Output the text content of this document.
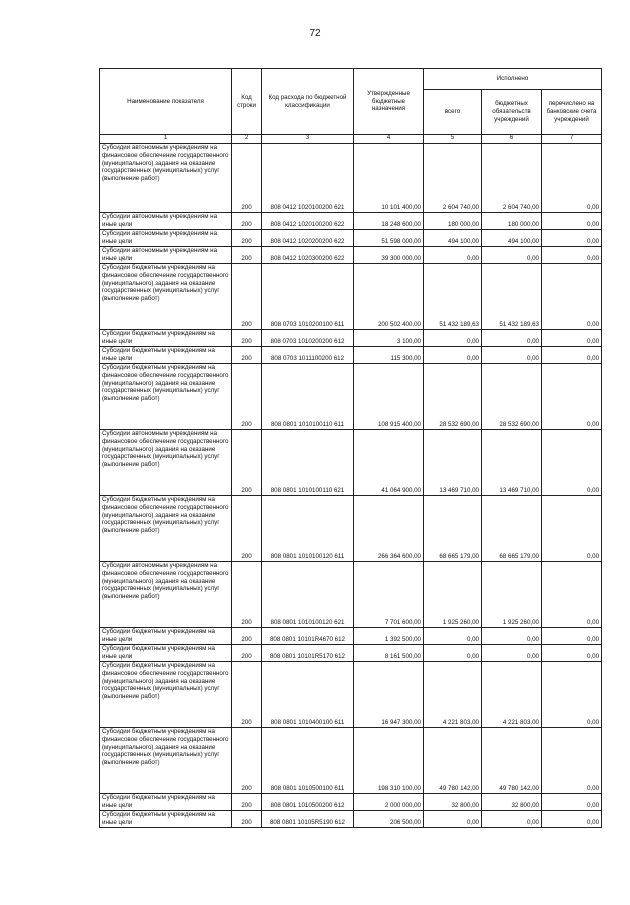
72
Наименование показателя	Код строки	Код расхода по бюджетной классификации	Утвержденные бюджетные назначения	Исполнено		
				всего	бюджетных обязательств учреждений	перечислено на банковские счета учреждений
1	2	3	4	5	6	7
Субсидии автономным учреждениям на финансовое обеспечение государственного (муниципального) задания на оказание государственных (муниципальных) услуг (выполнение работ)	200	808 0412 1020100200 621	10 101 400,00	2 604 740,00	2 604 740,00	0,00
Субсидии автономным учреждениям на иные цели	200	808 0412 1020100200 622	18 248 600,00	180 000,00	180 000,00	0,00
Субсидии автономным учреждениям на иные цели	200	808 0412 1020200200 622	51 598 000,00	494 100,00	494 100,00	0,00
Субсидии автономным учреждениям на иные цели	200	808 0412 1020300200 622	39 300 000,00	0,00	0,00	0,00
Субсидии бюджетным учреждениям на финансовое обеспечение государственного (муниципального) задания на оказание государственных (муниципальных) услуг (выполнение работ)	200	808 0703 1010200100 611	200 502 400,00	51 432 189,63	51 432 189,63	0,00
Субсидии бюджетным учреждениям на иные цели	200	808 0703 1010200200 612	3 100,00	0,00	0,00	0,00
Субсидии бюджетным учреждениям на иные цели	200	808 0703 1011100200 612	115 300,00	0,00	0,00	0,00
Субсидии бюджетным учреждениям на финансовое обеспечение государственного (муниципального) задания на оказание государственных (муниципальных) услуг (выполнение работ)	200	808 0801 1010100110 611	108 915 400,00	28 532 690,00	28 532 690,00	0,00
Субсидии автономным учреждениям на финансовое обеспечение государственного (муниципального) задания на оказание государственных (муниципальных) услуг (выполнение работ)	200	808 0801 1010100110 621	41 064 900,00	13 469 710,00	13 469 710,00	0,00
Субсидии бюджетным учреждениям на финансовое обеспечение государственного (муниципального) задания на оказание государственных (муниципальных) услуг (выполнение работ)	200	808 0801 1010100120 611	266 364 600,00	68 665 179,00	68 665 179,00	0,00
Субсидии автономным учреждениям на финансовое обеспечение государственного (муниципального) задания на оказание государственных (муниципальных) услуг (выполнение работ)	200	808 0801 1010100120 621	7 701 600,00	1 925 260,00	1 925 260,00	0,00
Субсидии бюджетным учреждениям на иные цели	200	808 0801 10101R4670 612	1 392 500,00	0,00	0,00	0,00
Субсидии бюджетным учреждениям на иные цели	200	808 0801 10101R5170 612	8 161 500,00	0,00	0,00	0,00
Субсидии бюджетным учреждениям на финансовое обеспечение государственного (муниципального) задания на оказание государственных (муниципальных) услуг (выполнение работ)	200	808 0801 1010400100 611	16 947 300,00	4 221 803,00	4 221 803,00	0,00
Субсидии бюджетным учреждениям на финансовое обеспечение государственного (муниципального) задания на оказание государственных (муниципальных) услуг (выполнение работ)	200	808 0801 1010500100 611	198 310 100,00	49 780 142,00	49 780 142,00	0,00
Субсидии бюджетным учреждениям на иные цели	200	808 0801 1010500200 612	2 000 000,00	32 800,00	32 800,00	0,00
Субсидии бюджетным учреждениям на иные цели	200	808 0801 10105R5190 612	206 500,00	0,00	0,00	0,00
